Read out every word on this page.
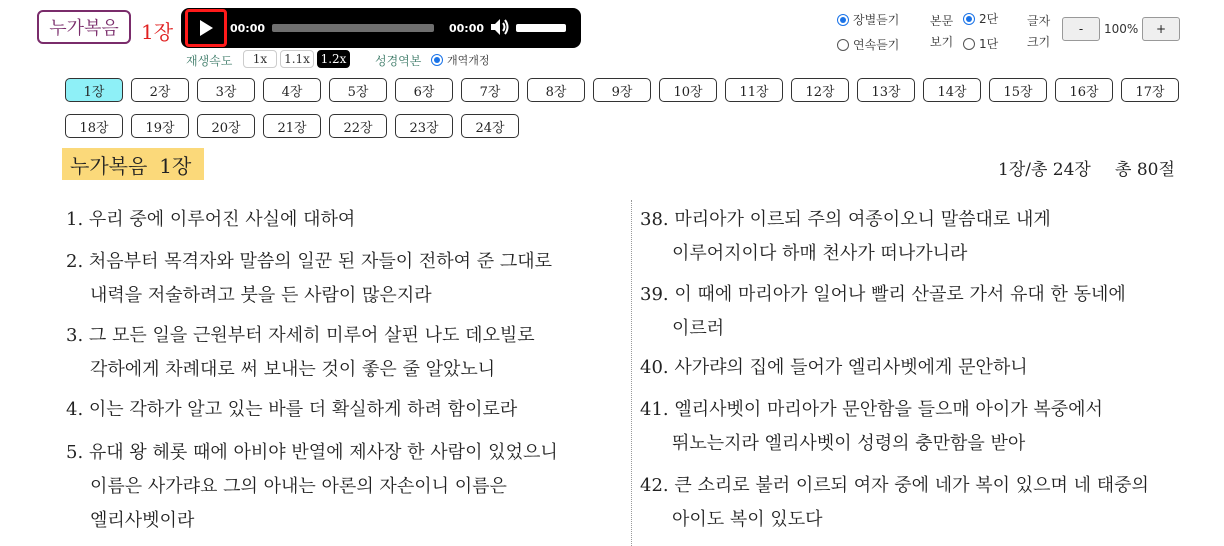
누가복음	1장	00:00	00:00
재생속도	1x	1.1x 1.2x 성경역본 개역개정
장별듣기
연속듣기
본문
보기
2단
1단
글자
크기
-	100%	+
1장	2장	3장	4장	5장	6장	7장	8장	9장	10장	11장	12장	13장	14장	15장	16장	17장
18장	19장	20장	21장	22장	23장	24장
누가복음 1장	1장/총 24장 총 80절
1. 우리 중에 이루어진 사실에 대하여
2. 처음부터 목격자와 말씀의 일꾼 된 자들이 전하여 준 그대로
내력을 저술하려고 붓을 든 사람이 많은지라
3. 그 모든 일을 근원부터 자세히 미루어 살핀 나도 데오빌로
각하에게 차례대로 써 보내는 것이 좋은 줄 알았노니
4. 이는 각하가 알고 있는 바를 더 확실하게 하려 함이로라
5. 유대 왕 헤롯 때에 아비야 반열에 제사장 한 사람이 있었으니
이름은 사가랴요 그의 아내는 아론의 자손이니 이름은
엘리사벳이라
38. 마리아가 이르되 주의 여종이오니 말씀대로 내게
이루어지이다 하매 천사가 떠나가니라
39. 이 때에 마리아가 일어나 빨리 산골로 가서 유대 한 동네에
이르러
40. 사가랴의 집에 들어가 엘리사벳에게 문안하니
41. 엘리사벳이 마리아가 문안함을 들으매 아이가 복중에서
뛰노는지라 엘리사벳이 성령의 충만함을 받아
42. 큰 소리로 불러 이르되 여자 중에 네가 복이 있으며 네 태중의
아이도 복이 있도다
